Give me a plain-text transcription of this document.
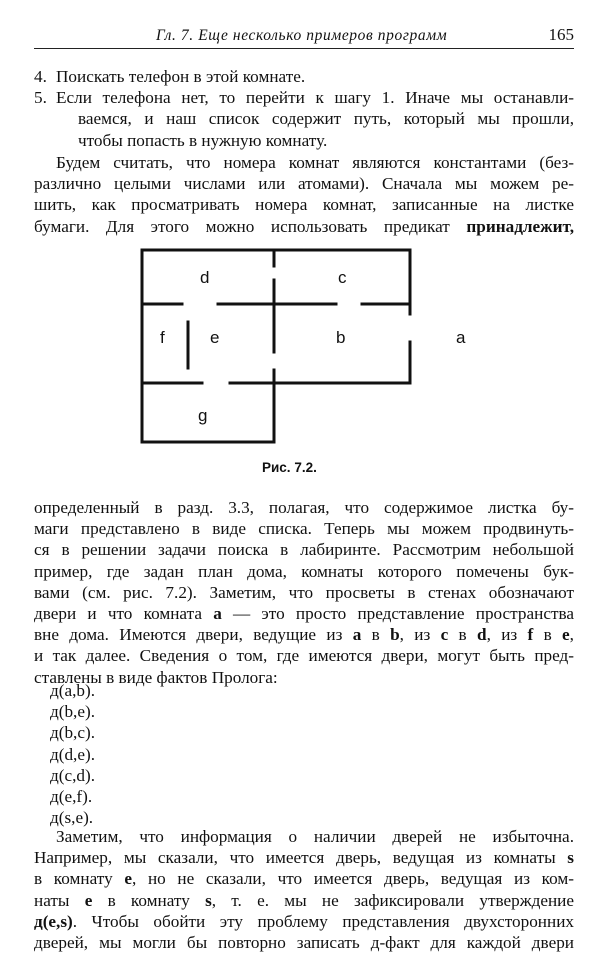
Гл. 7. Еще несколько примеров программ	165
4. Поискать телефон в этой комнате.
5. Если телефона нет, то перейти к шагу 1. Иначе мы останавли-
ваемся, и наш список содержит путь, который мы прошли,
чтобы попасть в нужную комнату.
Будем считать, что номера комнат являются константами (без-
различно целыми числами или атомами). Сначала мы можем ре-
шить, как просматривать номера комнат, записанные на листке
бумаги. Для этого можно использовать предикат принадлежит,
d	c
f	e	b	a
g
Рис. 7.2.
определенный в разд. 3.3, полагая, что содержимое листка бу-
маги представлено в виде списка. Теперь мы можем продвинуть-
ся в решении задачи поиска в лабиринте. Рассмотрим небольшой
пример, где задан план дома, комнаты которого помечены бук-
вами (см. рис. 7.2). Заметим, что просветы в стенах обозначают
двери и что комната a — это просто представление пространства
вне дома. Имеются двери, ведущие из a в b, из c в d, из f в e,
и так далее. Сведения о том, где имеются двери, могут быть пред-
ставлены в виде фактов Пролога:
д(a,b).
д(b,e).
д(b,c).
д(d,e).
д(c,d).
д(e,f).
д(s,e).
Заметим, что информация о наличии дверей не избыточна.
Например, мы сказали, что имеется дверь, ведущая из комнаты s
в комнату e, но не сказали, что имеется дверь, ведущая из ком-
наты e в комнату s, т. е. мы не зафиксировали утверждение
д(e,s). Чтобы обойти эту проблему представления двухсторонних
дверей, мы могли бы повторно записать д-факт для каждой двери
